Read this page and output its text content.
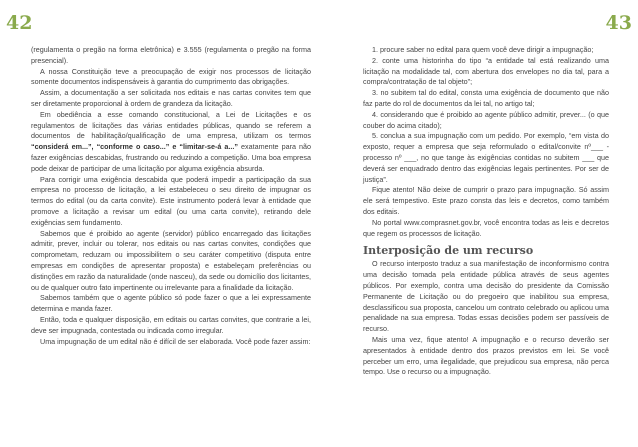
42	43

(regulamenta o pregão na forma eletrônica) e 3.555 (regulamenta o pregão na forma presencial).

A nossa Constituição teve a preocupação de exigir nos processos de licitação somente documentos indispensáveis à garantia do cumprimento das obrigações.

Assim, a documentação a ser solicitada nos editais e nas cartas convites tem que ser diretamente proporcional à ordem de grandeza da licitação.

Em obediência a esse comando constitucional, a Lei de Licitações e os regulamentos de licitações das várias entidades públicas, quando se referem a documentos de habilitação/qualificação de uma empresa, utilizam os termos “considerá em...”, “conforme o caso...” e “limitar-se-á a...” exatamente para não fazer exigências descabidas, frustrando ou reduzindo a competição. Uma boa empresa pode deixar de participar de uma licitação por alguma exigência absurda.

Para corrigir uma exigência descabida que poderá impedir a participação da sua empresa no processo de licitação, a lei estabeleceu o seu direito de impugnar os termos do edital (ou da carta convite). Este instrumento poderá levar à entidade que promove a licitação a revisar um edital (ou uma carta convite), retirando dele exigências sem fundamento.

Sabemos que é proibido ao agente (servidor) público encarregado das licitações admitir, prever, incluir ou tolerar, nos editais ou nas cartas convites, condições que comprometam, reduzam ou impossibilitem o seu caráter competitivo (disputa entre empresas em condições de apresentar proposta) e estabeleçam preferências ou distinções em razão da naturalidade (onde nasceu), da sede ou domicílio dos licitantes, ou de qualquer outro fato impertinente ou irrelevante para a finalidade da licitação.

Sabemos também que o agente público só pode fazer o que a lei expressamente determina e manda fazer.

Então, toda e qualquer disposição, em editais ou cartas convites, que contrarie a lei, deve ser impugnada, contestada ou indicada como irregular.

Uma impugnação de um edital não é difícil de ser elaborada. Você pode fazer assim:

1. procure saber no edital para quem você deve dirigir a impugnação;

2. conte uma historinha do tipo “a entidade tal está realizando uma licitação na modalidade tal, com abertura dos envelopes no dia tal, para a compra/contratação de tal objeto”;

3. no subitem tal do edital, consta uma exigência de documento que não faz parte do rol de documentos da lei tal, no artigo tal;

4. considerando que é proibido ao agente público admitir, prever... (o que couber do acima citado);

5. conclua a sua impugnação com um pedido. Por exemplo, “em vista do exposto, requer a empresa que seja reformulado o edital/convite nº___ - processo nº ___, no que tange às exigências contidas no subitem ___ que deverá ser enquadrado dentro das exigências legais pertinentes. Por ser de justiça”.

Fique atento! Não deixe de cumprir o prazo para impugnação. Só assim ele será tempestivo. Este prazo consta das leis e decretos, como também dos editais.

No portal www.comprasnet.gov.br, você encontra todas as leis e decretos que regem os processos de licitação.

Interposição de um recurso

O recurso interposto traduz a sua manifestação de inconformismo contra uma decisão tomada pela entidade pública através de seus agentes públicos. Por exemplo, contra uma decisão do presidente da Comissão Permanente de Licitação ou do pregoeiro que inabilitou sua empresa, desclassificou sua proposta, cancelou um contrato celebrado ou aplicou uma penalidade na sua empresa. Todas essas decisões podem ser passíveis de recurso.

Mais uma vez, fique atento! A impugnação e o recurso deverão ser apresentados à entidade dentro dos prazos previstos em lei. Se você perceber um erro, uma ilegalidade, que prejudicou sua empresa, não perca tempo. Use o recurso ou a impugnação.
